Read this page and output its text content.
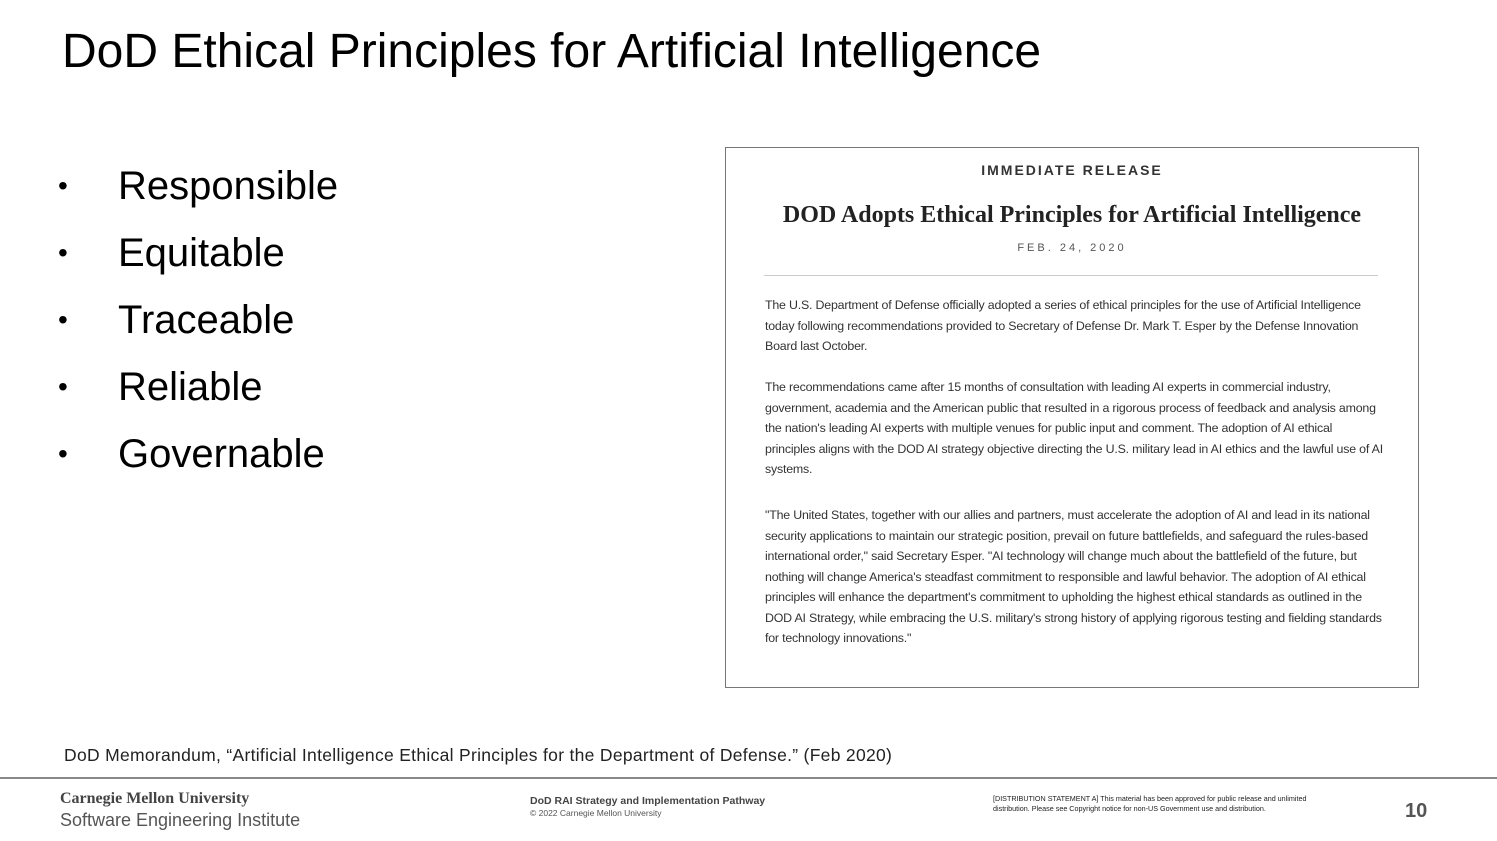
DoD Ethical Principles for Artificial Intelligence
•	Responsible
•	Equitable
•	Traceable
•	Reliable
•	Governable
IMMEDIATE RELEASE
DOD Adopts Ethical Principles for Artificial Intelligence
FEB. 24, 2020

The U.S. Department of Defense officially adopted a series of ethical principles for the use of Artificial Intelligence today following recommendations provided to Secretary of Defense Dr. Mark T. Esper by the Defense Innovation Board last October.

The recommendations came after 15 months of consultation with leading AI experts in commercial industry, government, academia and the American public that resulted in a rigorous process of feedback and analysis among the nation's leading AI experts with multiple venues for public input and comment. The adoption of AI ethical principles aligns with the DOD AI strategy objective directing the U.S. military lead in AI ethics and the lawful use of AI systems.

"The United States, together with our allies and partners, must accelerate the adoption of AI and lead in its national security applications to maintain our strategic position, prevail on future battlefields, and safeguard the rules-based international order," said Secretary Esper. "AI technology will change much about the battlefield of the future, but nothing will change America's steadfast commitment to responsible and lawful behavior. The adoption of AI ethical principles will enhance the department's commitment to upholding the highest ethical standards as outlined in the DOD AI Strategy, while embracing the U.S. military's strong history of applying rigorous testing and fielding standards for technology innovations."

DoD Memorandum, “Artificial Intelligence Ethical Principles for the Department of Defense.” (Feb 2020)
Carnegie Mellon University
Software Engineering Institute
DoD RAI Strategy and Implementation Pathway
© 2022 Carnegie Mellon University
[DISTRIBUTION STATEMENT A] This material has been approved for public release and unlimited distribution. Please see Copyright notice for non-US Government use and distribution.	10
